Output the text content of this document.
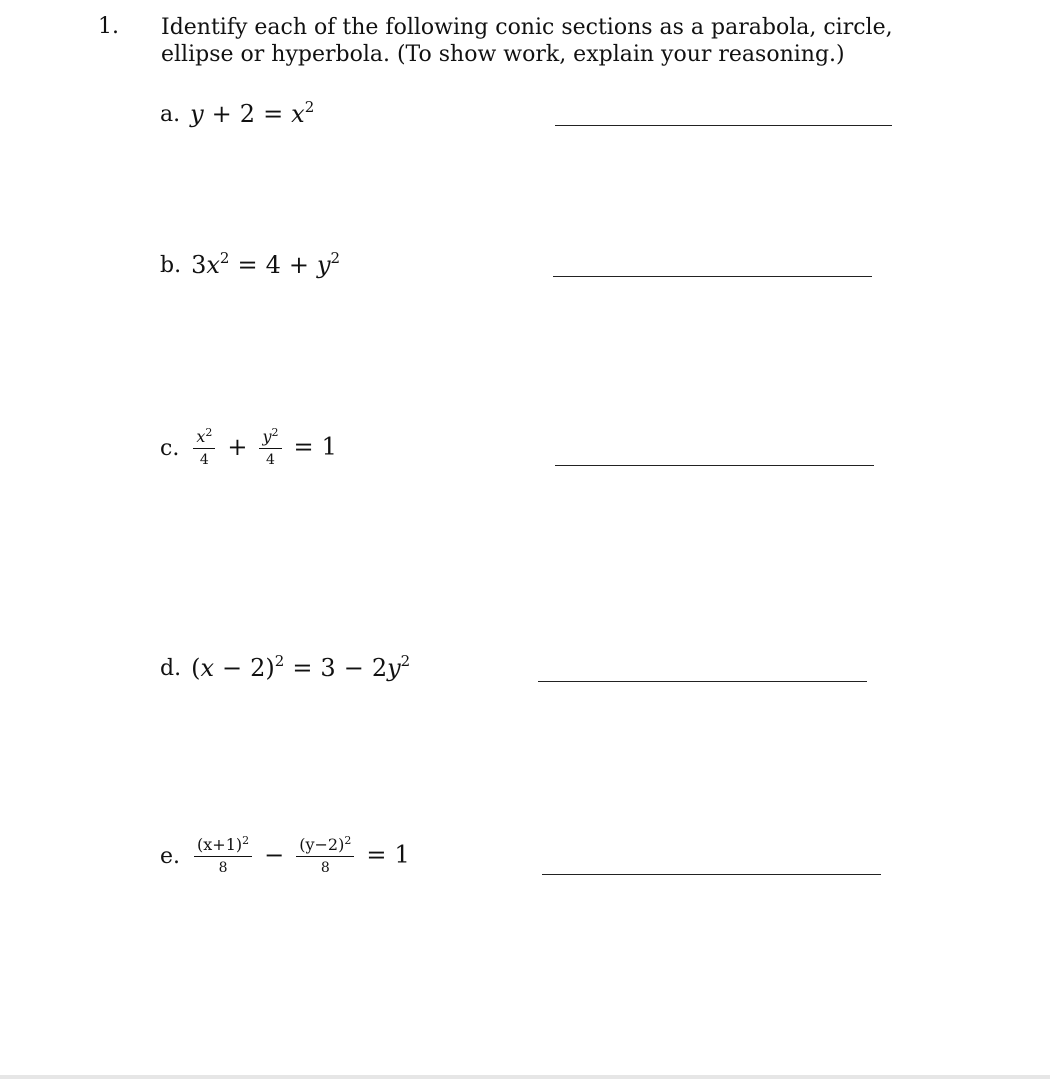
1. Identify each of the following conic sections as a parabola, circle, ellipse or hyperbola. (To show work, explain your reasoning.)
a. $y + 2 = x^2$
b. $3x^2 = 4 + y^2$
c. $\frac{x^2}{4} + \frac{y^2}{4} = 1$
d. $(x - 2)^2 = 3 - 2y^2$
e. $\frac{(x+1)^2}{8} - \frac{(y-2)^2}{8} = 1$
